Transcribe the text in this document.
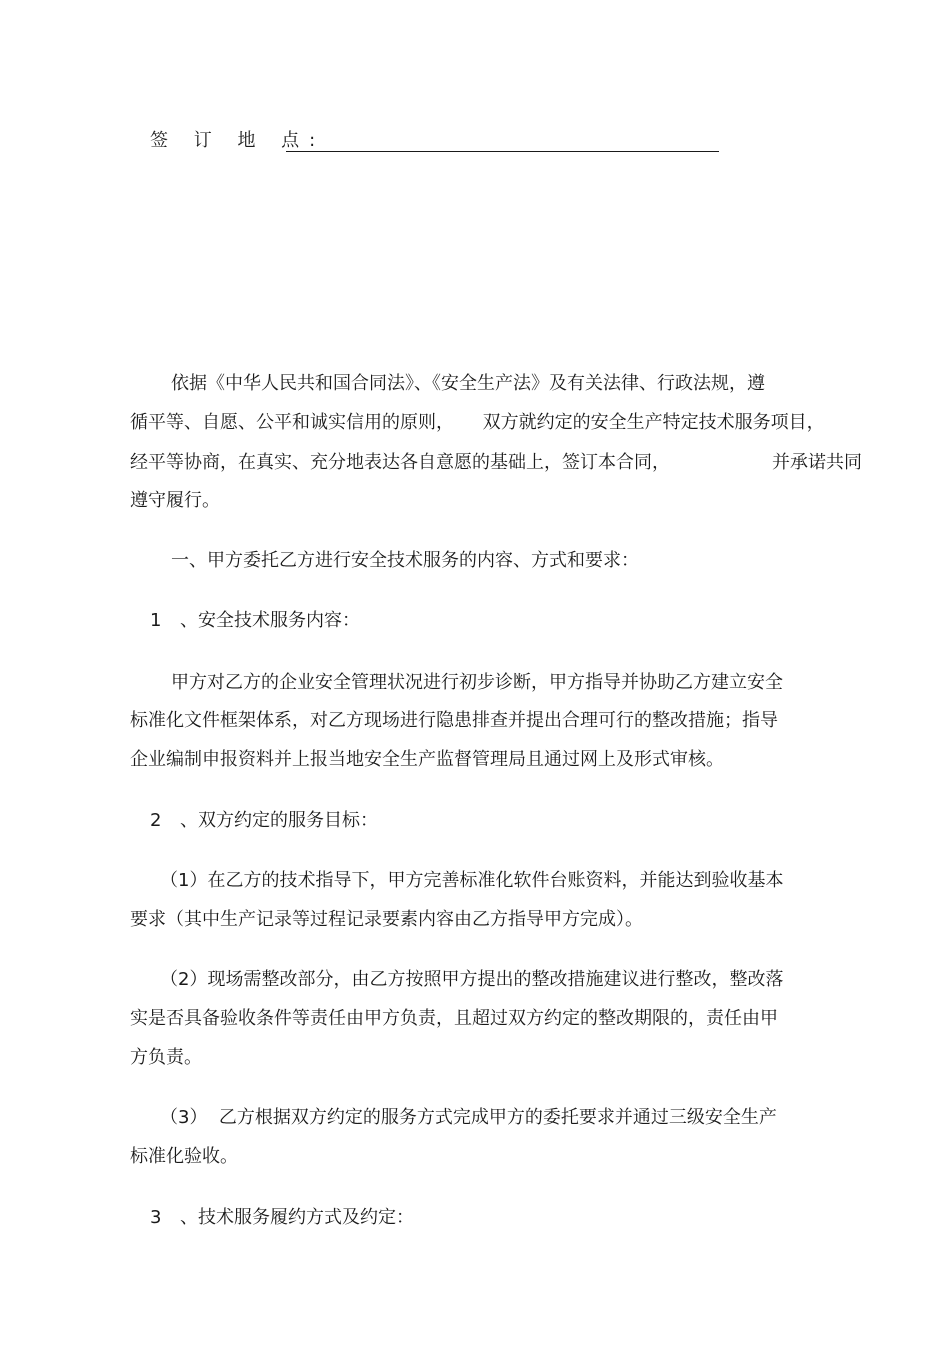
签 订 地 点:
依据《中华人民共和国合同法》、《安全生产法》及有关法律、行政法规，遵
循平等、自愿、公平和诚实信用的原则，     双方就约定的安全生产特定技术服务项目，
经平等协商，在真实、充分地表达各自意愿的基础上，签订本合同，	并承诺共同
遵守履行。
一、甲方委托乙方进行安全技术服务的内容、方式和要求：
1 、安全技术服务内容：
甲方对乙方的企业安全管理状况进行初步诊断，甲方指导并协助乙方建立安全
标准化文件框架体系，对乙方现场进行隐患排查并提出合理可行的整改措施；指导
企业编制申报资料并上报当地安全生产监督管理局且通过网上及形式审核。
2 、双方约定的服务目标：
（1）在乙方的技术指导下，甲方完善标准化软件台账资料，并能达到验收基本
要求（其中生产记录等过程记录要素内容由乙方指导甲方完成）。
（2）现场需整改部分，由乙方按照甲方提出的整改措施建议进行整改，整改落
实是否具备验收条件等责任由甲方负责，且超过双方约定的整改期限的，责任由甲
方负责。
（3）  乙方根据双方约定的服务方式完成甲方的委托要求并通过三级安全生产
标准化验收。
3 、技术服务履约方式及约定：
